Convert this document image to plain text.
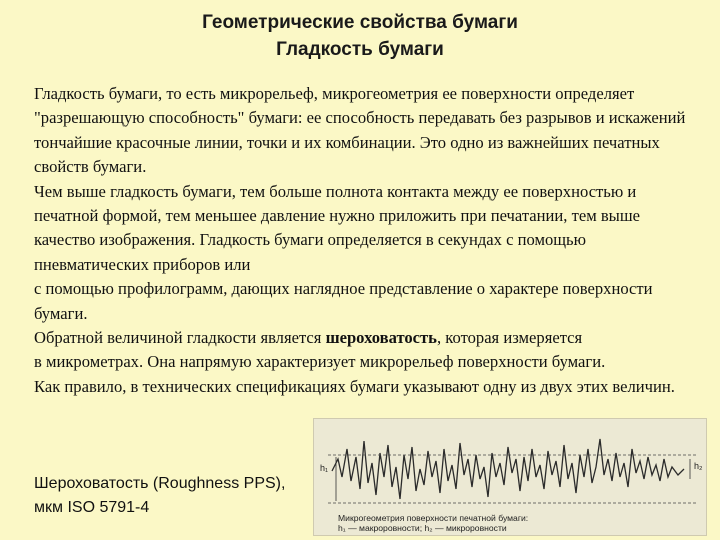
Геометрические свойства бумаги
Гладкость бумаги

Гладкость бумаги, то есть микрорельеф, микрогеометрия ее поверхности определяет "разрешающую способность" бумаги: ее способность передавать без разрывов и искажений тончайшие красочные линии, точки и их комбинации. Это одно из важнейших печатных свойств бумаги.

Чем выше гладкость бумаги, тем больше полнота контакта между ее поверхностью и печатной формой, тем меньшее давление нужно приложить при печатании, тем выше качество изображения. Гладкость бумаги определяется в секундах с помощью пневматических приборов или

с помощью профилограмм, дающих наглядное представление о характере поверхности бумаги.

Обратной величиной гладкости является шероховатость, которая измеряется

в микрометрах. Она напрямую характеризует микрорельеф поверхности бумаги.

Как правило, в технических спецификациях бумаги указывают одну из двух этих величин.

Шероховатость (Roughness PPS),
мкм ISO 5791-4
h₁	h₂
Микрогеометрия поверхности печатной бумаги:
h₁ — макроровности; h₂ — микроровности
